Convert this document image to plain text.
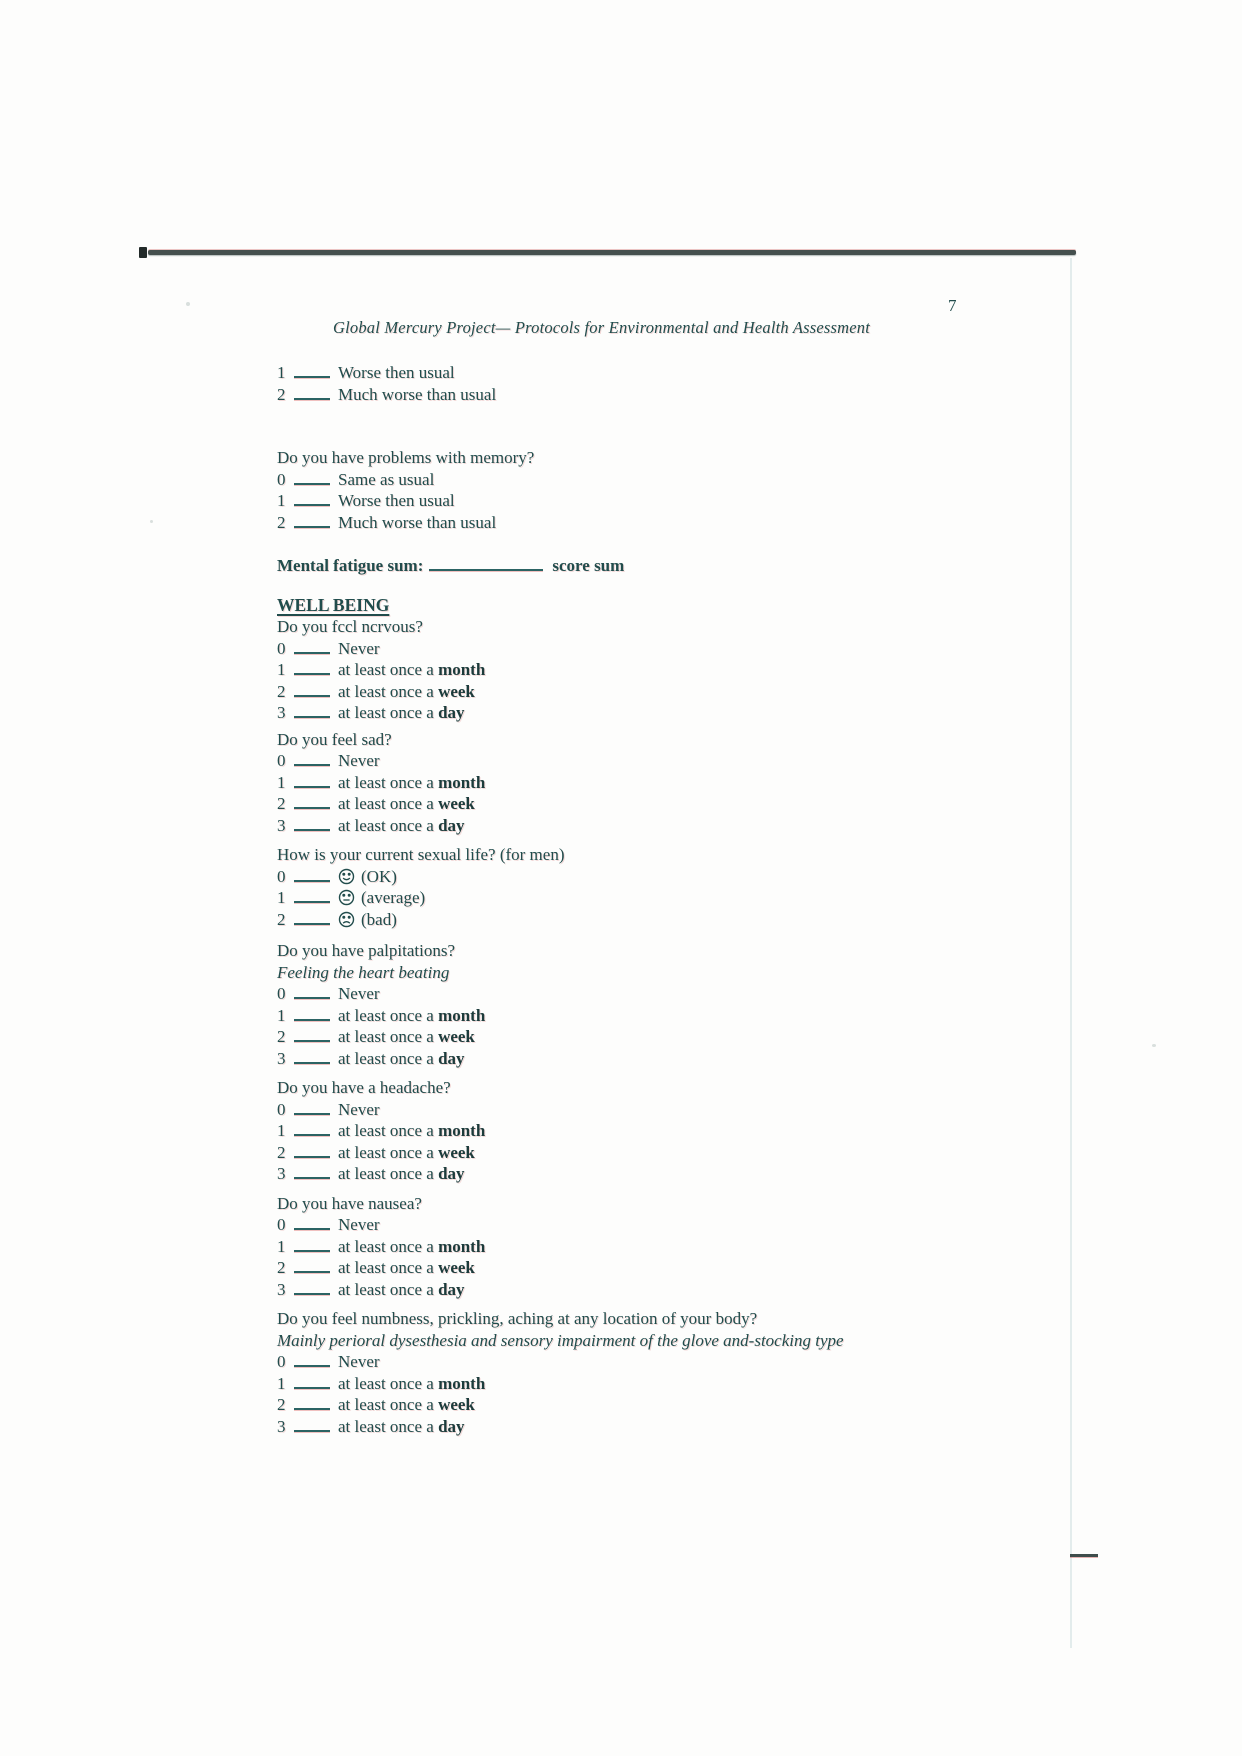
7
Global Mercury Project— Protocols for Environmental and Health Assessment
1	Worse then usual
2	Much worse than usual
Do you have problems with memory?
0	Same as usual
1	Worse then usual
2	Much worse than usual
Mental fatigue sum:	score sum
WELL BEING
Do you fccl ncrvous?
0	Never
1	at least once a month
2	at least once a week
3	at least once a day
Do you feel sad?
0	Never
1	at least once a month
2	at least once a week
3	at least once a day
How is your current sexual life? (for men)
0	(OK)
1	(average)
2	(bad)
Do you have palpitations?
Feeling the heart beating
0	Never
1	at least once a month
2	at least once a week
3	at least once a day
Do you have a headache?
0	Never
1	at least once a month
2	at least once a week
3	at least once a day
Do you have nausea?
0	Never
1	at least once a month
2	at least once a week
3	at least once a day
Do you feel numbness, prickling, aching at any location of your body?
Mainly perioral dysesthesia and sensory impairment of the glove and-stocking type
0	Never
1	at least once a month
2	at least once a week
3	at least once a day
